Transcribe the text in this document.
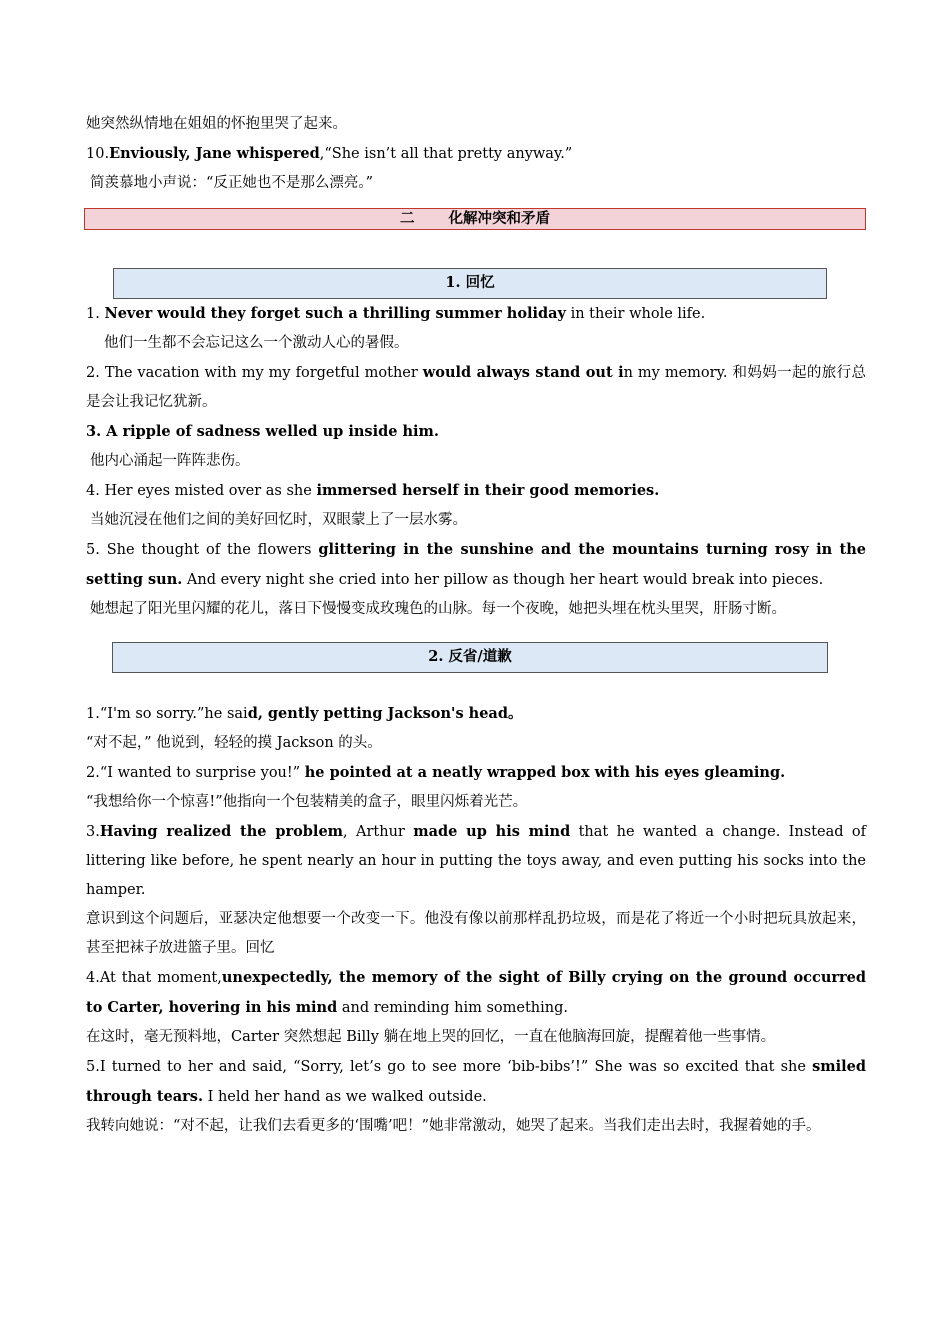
她突然纵情地在姐姐的怀抱里哭了起来。

10.Enviously, Jane whispered,“She isn’t all that pretty anyway.”

简羡慕地小声说：“反正她也不是那么漂亮。”

二 化解冲突和矛盾
1. 回忆

1. Never would they forget such a thrilling summer holiday in their whole life.

他们一生都不会忘记这么一个激动人心的暑假。

2. The vacation with my my forgetful mother would always stand out in my memory. 和妈妈一起的旅行总是会让我记忆犹新。

3. A ripple of sadness welled up inside him.

他内心涌起一阵阵悲伤。

4. Her eyes misted over as she immersed herself in their good memories.

当她沉浸在他们之间的美好回忆时，双眼蒙上了一层水雾。

5. She thought of the flowers glittering in the sunshine and the mountains turning rosy in the setting sun. And every night she cried into her pillow as though her heart would break into pieces.

她想起了阳光里闪耀的花儿，落日下慢慢变成玫瑰色的山脉。每一个夜晚，她把头埋在枕头里哭，肝肠寸断。

2. 反省/道歉

1.“I'm so sorry.”he said, gently petting Jackson's head。

“对不起，” 他说到，轻轻的摸 Jackson 的头。

2.“I wanted to surprise you!” he pointed at a neatly wrapped box with his eyes gleaming.

“我想给你一个惊喜!”他指向一个包装精美的盒子，眼里闪烁着光芒。

3.Having realized the problem, Arthur made up his mind that he wanted a change. Instead of littering like before, he spent nearly an hour in putting the toys away, and even putting his socks into the hamper.

意识到这个问题后，亚瑟决定他想要一个改变一下。他没有像以前那样乱扔垃圾，而是花了将近一个小时把玩具放起来，甚至把袜子放进篮子里。回忆

4.At that moment,unexpectedly, the memory of the sight of Billy crying on the ground occurred to Carter, hovering in his mind and reminding him something.

在这时，毫无预料地，Carter 突然想起 Billy 躺在地上哭的回忆，一直在他脑海回旋，提醒着他一些事情。

5.I turned to her and said, “Sorry, let’s go to see more ‘bib-bibs’!” She was so excited that she smiled through tears. I held her hand as we walked outside.

我转向她说：“对不起，让我们去看更多的‘围嘴’吧！”她非常激动，她哭了起来。当我们走出去时，我握着她的手。
